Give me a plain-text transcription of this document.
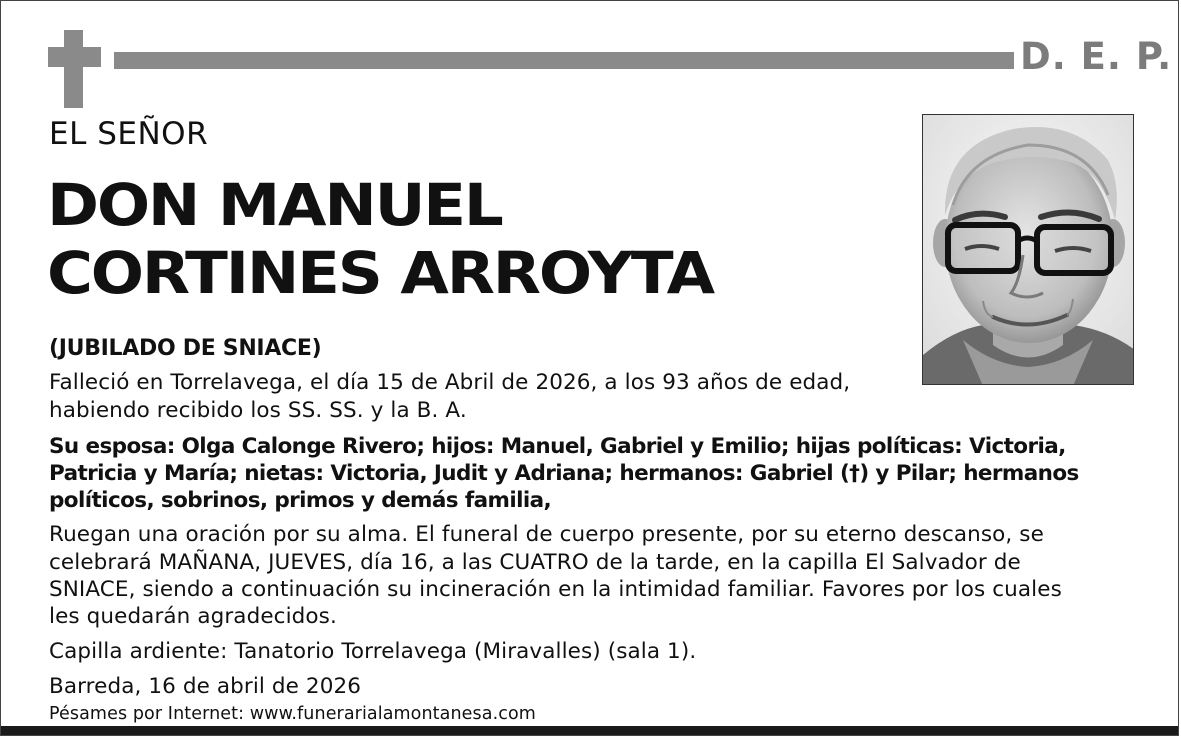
D. E. P.
EL SEÑOR
DON MANUEL
CORTINES ARROYTA
(JUBILADO DE SNIACE)
Falleció en Torrelavega, el día 15 de Abril de 2026, a los 93 años de edad,
habiendo recibido los SS. SS. y la B. A.
Su esposa: Olga Calonge Rivero; hijos: Manuel, Gabriel y Emilio; hijas políticas: Victoria,
Patricia y María; nietas: Victoria, Judit y Adriana; hermanos: Gabriel (†) y Pilar; hermanos
políticos, sobrinos, primos y demás familia,
Ruegan una oración por su alma. El funeral de cuerpo presente, por su eterno descanso, se
celebrará MAÑANA, JUEVES, día 16, a las CUATRO de la tarde, en la capilla El Salvador de
SNIACE, siendo a continuación su incineración en la intimidad familiar. Favores por los cuales
les quedarán agradecidos.
Capilla ardiente: Tanatorio Torrelavega (Miravalles) (sala 1).
Barreda, 16 de abril de 2026
Pésames por Internet: www.funerarialamontanesa.com
